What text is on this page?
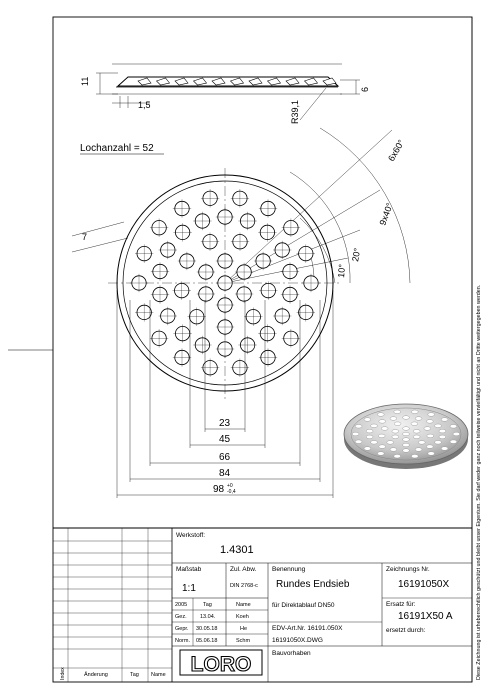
11
1,5
6
R39,1
Lochanzahl = 52	6x60°
9x40°
20°
10°
7
23
45
66
84
98 +0
-0,4
Werkstoff:
1.4301
Maßstab
1:1
Zul. Abw.
DIN 2768-c
Benennung
Rundes Endsieb
für Direktablauf DN50
Zeichnungs Nr.
16191050X
Ersatz für:
16191X50 A
ersetzt durch:
EDV-Art.Nr. 16191.050X
16191050X.DWG
2005	Tag	Name
Gez. 13.04.	Koeh
Gepr. 30.05.18	He
Norm. 05.06.18	Schm
LORO	Bauvorhaben
Index	Änderung	Tag Name	Diese Zeichnung ist urheberrechtlich geschützt und bleibt unser Eigentum. Sie darf weder ganz noch teilweise vervielfältigt und nicht an Dritte weitergegeben werden.
